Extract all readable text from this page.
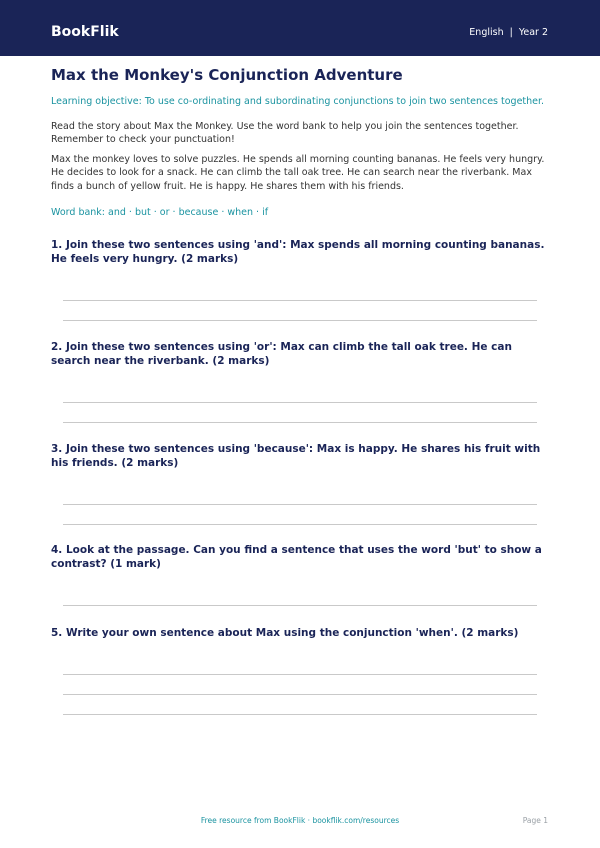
BookFlik	English | Year 2
Max the Monkey's Conjunction Adventure
Learning objective: To use co-ordinating and subordinating conjunctions to join two sentences together.
Read the story about Max the Monkey. Use the word bank to help you join the sentences together. Remember to check your punctuation!
Max the monkey loves to solve puzzles. He spends all morning counting bananas. He feels very hungry. He decides to look for a snack. He can climb the tall oak tree. He can search near the riverbank. Max finds a bunch of yellow fruit. He is happy. He shares them with his friends.
Word bank: and · but · or · because · when · if
1. Join these two sentences using 'and': Max spends all morning counting bananas. He feels very hungry. (2 marks)
2. Join these two sentences using 'or': Max can climb the tall oak tree. He can search near the riverbank. (2 marks)
3. Join these two sentences using 'because': Max is happy. He shares his fruit with his friends. (2 marks)
4. Look at the passage. Can you find a sentence that uses the word 'but' to show a contrast? (1 mark)
5. Write your own sentence about Max using the conjunction 'when'. (2 marks)
Free resource from BookFlik · bookflik.com/resources	Page 1
